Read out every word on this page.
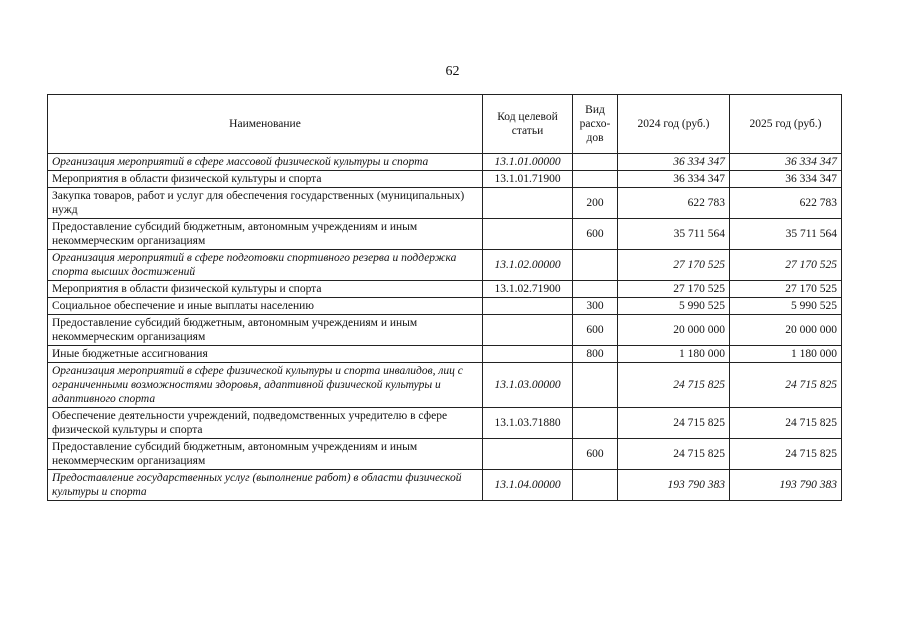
62
Наименование	Код целевой статьи	Вид расхо-дов	2024 год (руб.)	2025 год (руб.)
Организация мероприятий в сфере массовой физической культуры и спорта	13.1.01.00000		36 334 347	36 334 347
Мероприятия в области физической культуры и спорта	13.1.01.71900		36 334 347	36 334 347
Закупка товаров, работ и услуг для обеспечения государственных (муниципальных) нужд		200	622 783	622 783
Предоставление субсидий бюджетным, автономным учреждениям и иным некоммерческим организациям		600	35 711 564	35 711 564
Организация мероприятий в сфере подготовки спортивного резерва и поддержка спорта высших достижений	13.1.02.00000		27 170 525	27 170 525
Мероприятия в области физической культуры и спорта	13.1.02.71900		27 170 525	27 170 525
Социальное обеспечение и иные выплаты населению		300	5 990 525	5 990 525
Предоставление субсидий бюджетным, автономным учреждениям и иным некоммерческим организациям		600	20 000 000	20 000 000
Иные бюджетные ассигнования		800	1 180 000	1 180 000
Организация мероприятий в сфере физической культуры и спорта инвалидов, лиц с ограниченными возможностями здоровья, адаптивной физической культуры и адаптивного спорта	13.1.03.00000		24 715 825	24 715 825
Обеспечение деятельности учреждений, подведомственных учредителю в сфере физической культуры и спорта	13.1.03.71880		24 715 825	24 715 825
Предоставление субсидий бюджетным, автономным учреждениям и иным некоммерческим организациям		600	24 715 825	24 715 825
Предоставление государственных услуг (выполнение работ) в области физической культуры и спорта	13.1.04.00000		193 790 383	193 790 383
